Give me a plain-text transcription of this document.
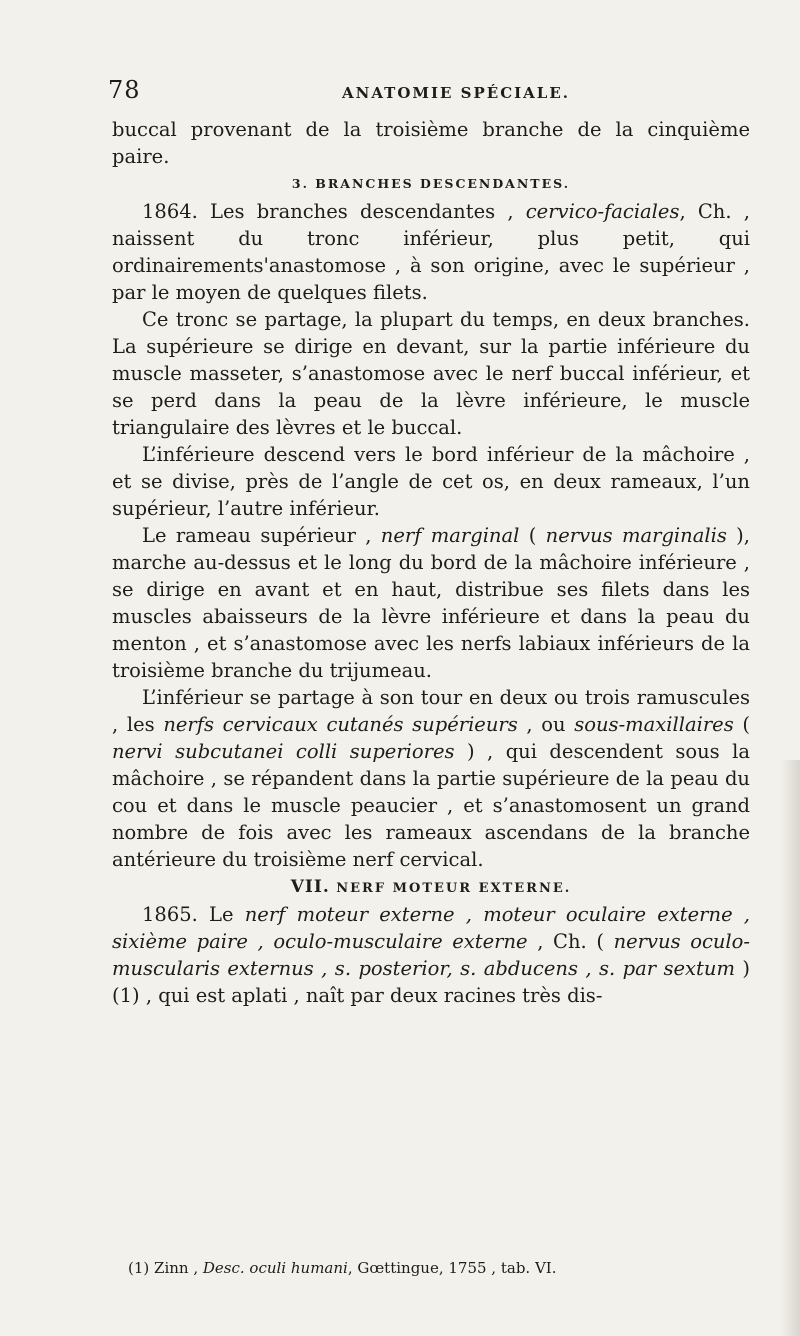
78	ANATOMIE SPÉCIALE.

buccal provenant de la troisième branche de la cinquième paire.

3. BRANCHES DESCENDANTES.

1864. Les branches descendantes , cervico-faciales, Ch. , naissent du tronc inférieur, plus petit, qui ordinairements'anastomose , à son origine, avec le supérieur , par le moyen de quelques filets.

Ce tronc se partage, la plupart du temps, en deux branches. La supérieure se dirige en devant, sur la partie inférieure du muscle masseter, s’anastomose avec le nerf buccal inférieur, et se perd dans la peau de la lèvre inférieure, le muscle triangulaire des lèvres et le buccal.

L’inférieure descend vers le bord inférieur de la mâchoire , et se divise, près de l’angle de cet os, en deux rameaux, l’un supérieur, l’autre inférieur.

Le rameau supérieur , nerf marginal ( nervus marginalis ), marche au-dessus et le long du bord de la mâchoire inférieure , se dirige en avant et en haut, distribue ses filets dans les muscles abaisseurs de la lèvre inférieure et dans la peau du menton , et s’anastomose avec les nerfs labiaux inférieurs de la troisième branche du trijumeau.

L’inférieur se partage à son tour en deux ou trois ramuscules , les nerfs cervicaux cutanés supérieurs , ou sous-maxillaires ( nervi subcutanei colli superiores ) , qui descendent sous la mâchoire , se répandent dans la partie supérieure de la peau du cou et dans le muscle peaucier , et s’anastomosent un grand nombre de fois avec les rameaux ascendans de la branche antérieure du troisième nerf cervical.

VII. NERF MOTEUR EXTERNE.

1865. Le nerf moteur externe , moteur oculaire externe , sixième paire , oculo-musculaire externe , Ch. ( nervus oculo-muscularis externus , s. posterior, s. abducens , s. par sextum ) (1) , qui est aplati , naît par deux racines très dis-

(1) Zinn , Desc. oculi humani, Gœttingue, 1755 , tab. VI.
